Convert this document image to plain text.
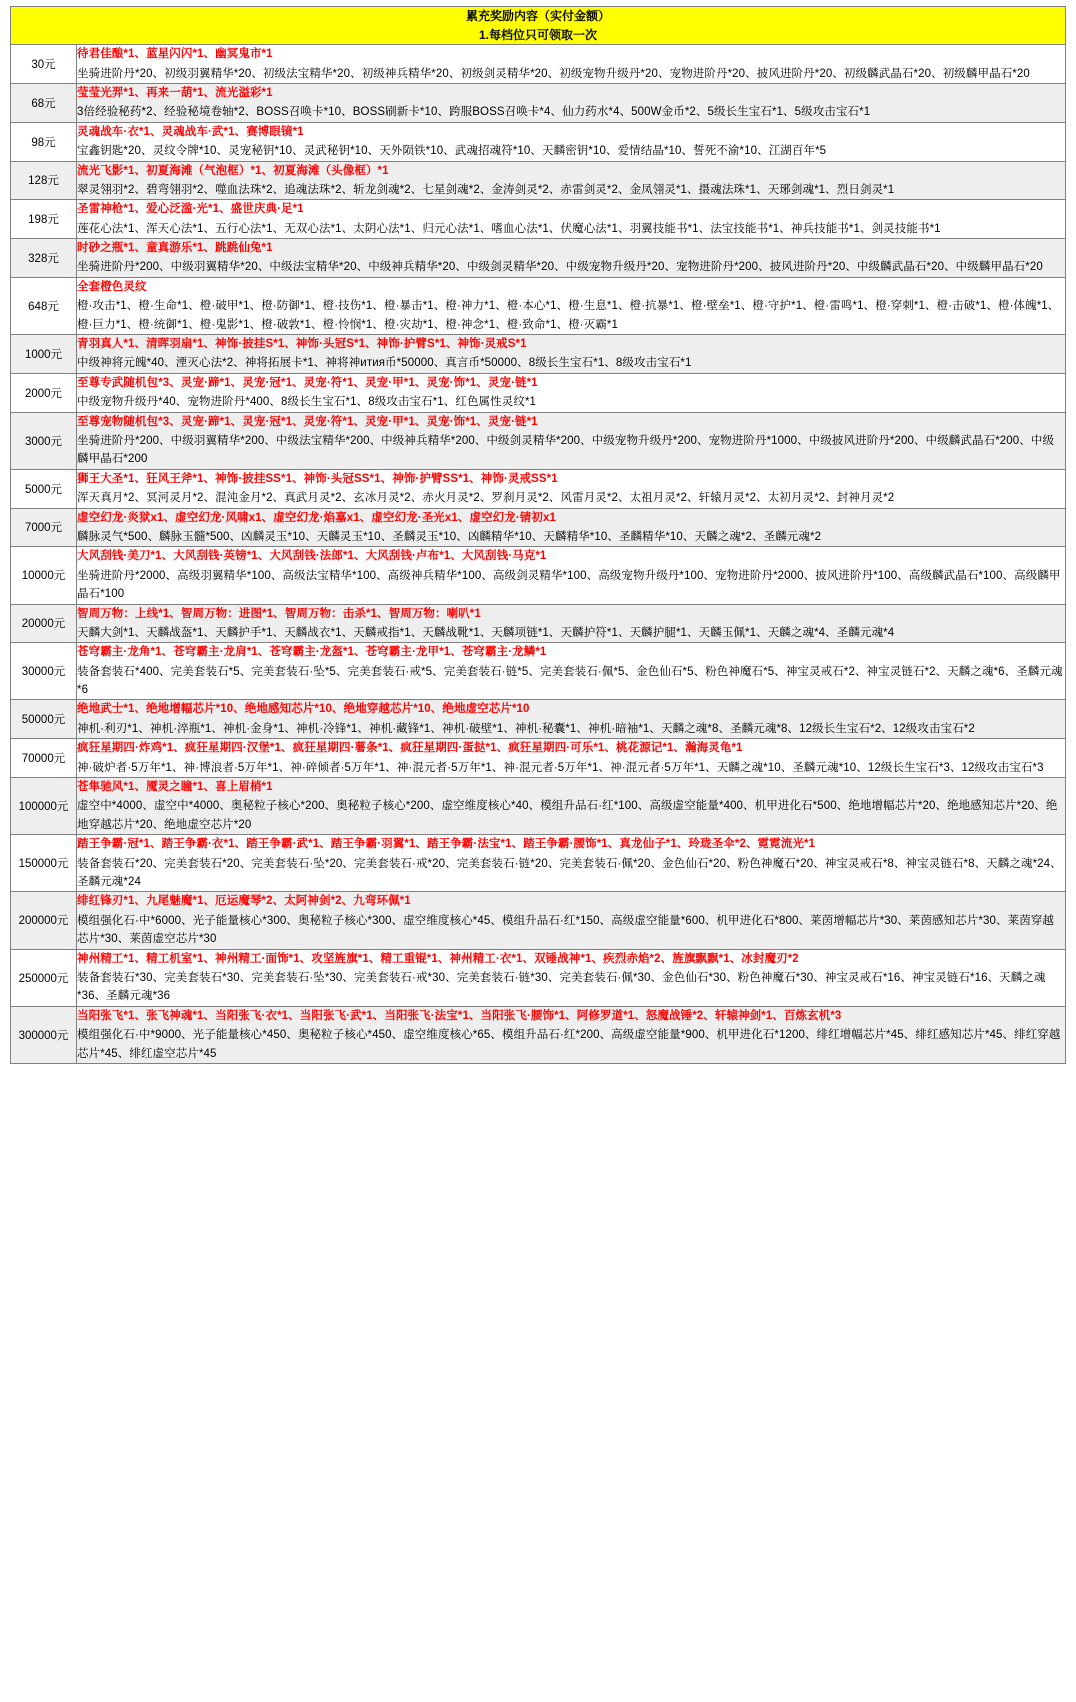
累充奖励内容（实付金额）
1.每档位只可领取一次	

30元	待君佳酿*1、蓝星闪闪*1、幽冥鬼市*1
坐骑进阶丹*20、初级羽翼精华*20、初级法宝精华*20、初级神兵精华*20、初级剑灵精华*20、初级宠物升级丹*20、宠物进阶丹*20、披风进阶丹*20、初级麟武晶石*20、初级麟甲晶石*20

68元	莹莹光羿*1、再来一葫*1、流光溢彩*1
3倍经验秘药*2、经验秘境卷轴*2、BOSS召唤卡*10、BOSS刷新卡*10、跨服BOSS召唤卡*4、仙力药水*4、500W金币*2、5级长生宝石*1、5级攻击宝石*1

98元	灵魂战车·衣*1、灵魂战车·武*1、赛博眼镜*1
宝鑫钥匙*20、灵纹令牌*10、灵宠秘钥*10、灵武秘钥*10、天外陨铁*10、武魂招魂符*10、天麟密钥*10、爱情结晶*10、誓死不渝*10、江湖百年*5

128元	流光飞影*1、初夏海滩（气泡框）*1、初夏海滩（头像框）*1
翠灵翎羽*2、碧弯翎羽*2、噬血法珠*2、追魂法珠*2、斩龙剑魂*2、七星剑魂*2、金涛剑灵*2、赤雷剑灵*2、金凤翎灵*1、摄魂法珠*1、天琊剑魂*1、烈日剑灵*1

198元	圣雷神枪*1、爱心泛滥·光*1、盛世庆典·足*1
莲花心法*1、浑天心法*1、五行心法*1、无双心法*1、太阴心法*1、归元心法*1、嗜血心法*1、伏魔心法*1、羽翼技能书*1、法宝技能书*1、神兵技能书*1、剑灵技能书*1

328元	时砂之瓶*1、童真游乐*1、跳跳仙兔*1
坐骑进阶丹*200、中级羽翼精华*20、中级法宝精华*20、中级神兵精华*20、中级剑灵精华*20、中级宠物升级丹*20、宠物进阶丹*200、披风进阶丹*20、中级麟武晶石*20、中级麟甲晶石*20

648元	全套橙色灵纹
橙·攻击*1、橙·生命*1、橙·破甲*1、橙·防御*1、橙·技伤*1、橙·暴击*1、橙·神力*1、橙·本心*1、橙·生息*1、橙·抗暴*1、橙·壁垒*1、橙·守护*1、橙·雷鸣*1、橙·穿刺*1、橙·击破*1、橙·体魄*1、橙·巨力*1、橙·统御*1、橙·鬼影*1、橙·破敦*1、橙·怜悯*1、橙·灾劫*1、橙·神念*1、橙·致命*1、橙·灭霸*1

1000元	青羽真人*1、清晖羽扇*1、神饰·披挂S*1、神饰·头冠S*1、神饰·护臂S*1、神饰·灵戒S*1
中级神将元魄*40、湮灭心法*2、神将拓展卡*1、神将神ития币*50000、真言币*50000、8级长生宝石*1、8级攻击宝石*1

2000元	至尊专武随机包*3、灵宠·蹄*1、灵宠·冠*1、灵宠·符*1、灵宠·甲*1、灵宠·饰*1、灵宠·链*1
中级宠物升级丹*40、宠物进阶丹*400、8级长生宝石*1、8级攻击宝石*1、红色属性灵纹*1

3000元	至尊宠物随机包*3、灵宠·蹄*1、灵宠·冠*1、灵宠·符*1、灵宠·甲*1、灵宠·饰*1、灵宠·链*1
坐骑进阶丹*200、中级羽翼精华*200、中级法宝精华*200、中级神兵精华*200、中级剑灵精华*200、中级宠物升级丹*200、宠物进阶丹*1000、中级披风进阶丹*200、中级麟武晶石*200、中级麟甲晶石*200

5000元	狮王大圣*1、狂风王斧*1、神饰·披挂SS*1、神饰·头冠SS*1、神饰·护臂SS*1、神饰·灵戒SS*1
浑天真月*2、冥河灵月*2、混沌金月*2、真武月灵*2、玄冰月灵*2、赤火月灵*2、罗刹月灵*2、风雷月灵*2、太祖月灵*2、轩辕月灵*2、太初月灵*2、封神月灵*2

7000元	虚空幻龙·炎狱x1、虚空幻龙·风啸x1、虚空幻龙·焰嘉x1、虚空幻龙·圣光x1、虚空幻龙·锖初x1
麟脉灵气*500、麟脉玉髓*500、凶麟灵玉*10、天麟灵玉*10、圣麟灵玉*10、凶麟精华*10、天麟精华*10、圣麟精华*10、天麟之魂*2、圣麟元魂*2

10000元	大风刮钱·美刀*1、大风刮钱·英镑*1、大风刮钱·法郎*1、大风刮钱·卢布*1、大风刮钱·马克*1
坐骑进阶丹*2000、高级羽翼精华*100、高级法宝精华*100、高级神兵精华*100、高级剑灵精华*100、高级宠物升级丹*100、宠物进阶丹*2000、披风进阶丹*100、高级麟武晶石*100、高级麟甲晶石*100

20000元	智周万物：上线*1、智周万物：进图*1、智周万物：击杀*1、智周万物：喇叭*1
天麟大剑*1、天麟战盔*1、天麟护手*1、天麟战衣*1、天麟戒指*1、天麟战靴*1、天麟项链*1、天麟护符*1、天麟护腿*1、天麟玉佩*1、天麟之魂*4、圣麟元魂*4

30000元	苍穹霸主·龙角*1、苍穹霸主·龙肩*1、苍穹霸主·龙盔*1、苍穹霸主·龙甲*1、苍穹霸主·龙鳞*1
装备套装石*400、完美套装石*5、完美套装石·坠*5、完美套装石·戒*5、完美套装石·链*5、完美套装石·佩*5、金色仙石*5、粉色神魔石*5、神宝灵戒石*2、神宝灵链石*2、天麟之魂*6、圣麟元魂*6

50000元	绝地武士*1、绝地增幅芯片*10、绝地感知芯片*10、绝地穿越芯片*10、绝地虚空芯片*10
神机·利刃*1、神机·淬瓶*1、神机·金身*1、神机·冷锋*1、神机·藏锋*1、神机·破壁*1、神机·秘囊*1、神机·暗袖*1、天麟之魂*8、圣麟元魂*8、12级长生宝石*2、12级攻击宝石*2

70000元	疯狂星期四·炸鸡*1、疯狂星期四·汉堡*1、疯狂星期四·薯条*1、疯狂星期四·蛋挞*1、疯狂星期四·可乐*1、桃花源记*1、瀚海灵龟*1
神·破炉者·5万年*1、神·博浪者·5万年*1、神·碎倾者·5万年*1、神·混元者·5万年*1、神·混元者·5万年*1、神·混元者·5万年*1、天麟之魂*10、圣麟元魂*10、12级长生宝石*3、12级攻击宝石*3

100000元	苍隼驰风*1、魇灵之瞳*1、喜上眉梢*1
虚空中*4000、虚空中*4000、奥秘粒子核心*200、奥秘粒子核心*200、虚空维度核心*40、模组升品石·红*100、高级虚空能量*400、机甲进化石*500、绝地增幅芯片*20、绝地感知芯片*20、绝地穿越芯片*20、绝地虚空芯片*20

150000元	踏王争霸·冠*1、踏王争霸·衣*1、踏王争霸·武*1、踏王争霸·羽翼*1、踏王争霸·法宝*1、踏王争霸·腰饰*1、真龙仙子*1、玲珑圣伞*2、霓霓流光*1
装备套装石*20、完美套装石*20、完美套装石·坠*20、完美套装石·戒*20、完美套装石·链*20、完美套装石·佩*20、金色仙石*20、粉色神魔石*20、神宝灵戒石*8、神宝灵链石*8、天麟之魂*24、圣麟元魂*24

200000元	绯红锋刃*1、九尾魅魔*1、厄运魔琴*2、太阿神剑*2、九弯环佩*1
模组强化石·中*6000、光子能量核心*300、奥秘粒子核心*300、虚空维度核心*45、模组升品石·红*150、高级虚空能量*600、机甲进化石*800、莱茵增幅芯片*30、莱茵感知芯片*30、莱茵穿越芯片*30、莱茵虚空芯片*30

250000元	神州精工*1、精工机室*1、神州精工·面饰*1、攻坚旌旗*1、精工重锟*1、神州精工·衣*1、双锤战神*1、疾烈赤焰*2、旌旗飘飘*1、冰封魔刃*2
装备套装石*30、完美套装石*30、完美套装石·坠*30、完美套装石·戒*30、完美套装石·链*30、完美套装石·佩*30、金色仙石*30、粉色神魔石*30、神宝灵戒石*16、神宝灵链石*16、天麟之魂*36、圣麟元魂*36

300000元	当阳张飞*1、张飞神魂*1、当阳张飞·衣*1、当阳张飞·武*1、当阳张飞·法宝*1、当阳张飞·腰饰*1、阿修罗道*1、怒魔战锤*2、轩辕神剑*1、百炼玄机*3
模组强化石·中*9000、光子能量核心*450、奥秘粒子核心*450、虚空维度核心*65、模组升品石·红*200、高级虚空能量*900、机甲进化石*1200、绯红增幅芯片*45、绯红感知芯片*45、绯红穿越芯片*45、绯红虚空芯片*45
